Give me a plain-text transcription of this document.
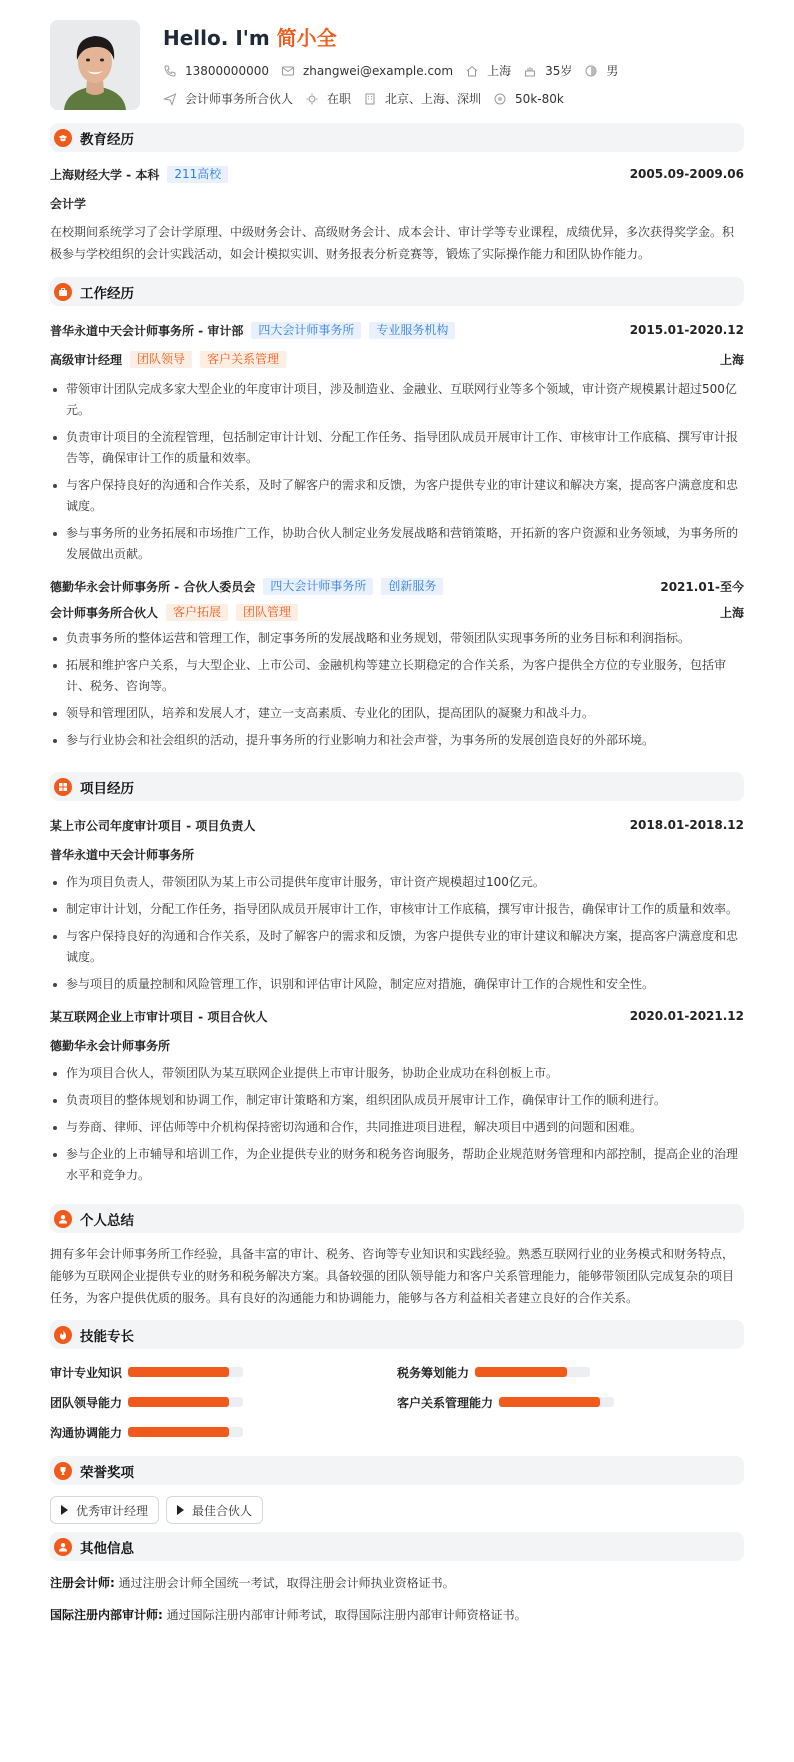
Hello. I'm 简小全
13800000000	zhangwei@example.com	上海	35岁	男
会计师事务所合伙人	在职	北京、上海、深圳	50k-80k
教育经历
上海财经大学 - 本科	211高校	2005.09-2009.06
会计学
在校期间系统学习了会计学原理、中级财务会计、高级财务会计、成本会计、审计学等专业课程，成绩优异，多次获得奖学金。积极参与学校组织的会计实践活动，如会计模拟实训、财务报表分析竞赛等，锻炼了实际操作能力和团队协作能力。
工作经历
普华永道中天会计师事务所 - 审计部	四大会计师事务所	专业服务机构	2015.01-2020.12
高级审计经理	团队领导	客户关系管理	上海
带领审计团队完成多家大型企业的年度审计项目，涉及制造业、金融业、互联网行业等多个领域，审计资产规模累计超过500亿元。
负责审计项目的全流程管理，包括制定审计计划、分配工作任务、指导团队成员开展审计工作、审核审计工作底稿、撰写审计报告等，确保审计工作的质量和效率。
与客户保持良好的沟通和合作关系，及时了解客户的需求和反馈，为客户提供专业的审计建议和解决方案，提高客户满意度和忠诚度。
参与事务所的业务拓展和市场推广工作，协助合伙人制定业务发展战略和营销策略，开拓新的客户资源和业务领域，为事务所的发展做出贡献。
德勤华永会计师事务所 - 合伙人委员会	四大会计师事务所	创新服务	2021.01-至今
会计师事务所合伙人	客户拓展	团队管理	上海
负责事务所的整体运营和管理工作，制定事务所的发展战略和业务规划，带领团队实现事务所的业务目标和利润指标。
拓展和维护客户关系，与大型企业、上市公司、金融机构等建立长期稳定的合作关系，为客户提供全方位的专业服务，包括审计、税务、咨询等。
领导和管理团队，培养和发展人才，建立一支高素质、专业化的团队，提高团队的凝聚力和战斗力。
参与行业协会和社会组织的活动，提升事务所的行业影响力和社会声誉，为事务所的发展创造良好的外部环境。
项目经历
某上市公司年度审计项目 - 项目负责人	2018.01-2018.12
普华永道中天会计师事务所
作为项目负责人，带领团队为某上市公司提供年度审计服务，审计资产规模超过100亿元。
制定审计计划，分配工作任务，指导团队成员开展审计工作，审核审计工作底稿，撰写审计报告，确保审计工作的质量和效率。
与客户保持良好的沟通和合作关系，及时了解客户的需求和反馈，为客户提供专业的审计建议和解决方案，提高客户满意度和忠诚度。
参与项目的质量控制和风险管理工作，识别和评估审计风险，制定应对措施，确保审计工作的合规性和安全性。
某互联网企业上市审计项目 - 项目合伙人	2020.01-2021.12
德勤华永会计师事务所
作为项目合伙人，带领团队为某互联网企业提供上市审计服务，协助企业成功在科创板上市。
负责项目的整体规划和协调工作，制定审计策略和方案，组织团队成员开展审计工作，确保审计工作的顺利进行。
与券商、律师、评估师等中介机构保持密切沟通和合作，共同推进项目进程，解决项目中遇到的问题和困难。
参与企业的上市辅导和培训工作，为企业提供专业的财务和税务咨询服务，帮助企业规范财务管理和内部控制，提高企业的治理水平和竞争力。
个人总结
拥有多年会计师事务所工作经验，具备丰富的审计、税务、咨询等专业知识和实践经验。熟悉互联网行业的业务模式和财务特点，能够为互联网企业提供专业的财务和税务解决方案。具备较强的团队领导能力和客户关系管理能力，能够带领团队完成复杂的项目任务，为客户提供优质的服务。具有良好的沟通能力和协调能力，能够与各方利益相关者建立良好的合作关系。
技能专长
审计专业知识	税务筹划能力
团队领导能力	客户关系管理能力
沟通协调能力
荣誉奖项
优秀审计经理	最佳合伙人
其他信息
注册会计师: 通过注册会计师全国统一考试，取得注册会计师执业资格证书。
国际注册内部审计师: 通过国际注册内部审计师考试，取得国际注册内部审计师资格证书。
